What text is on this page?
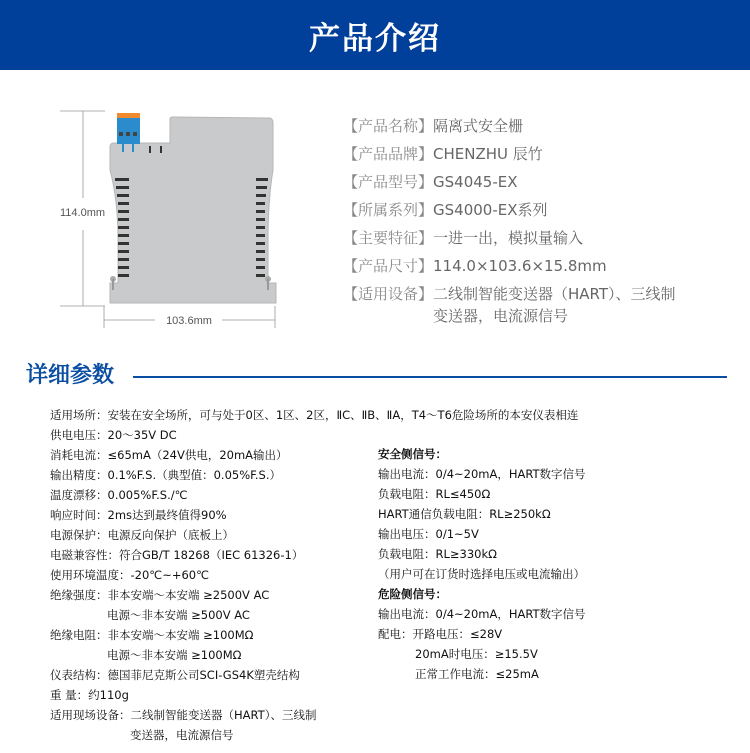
产品介绍
114.0mm
103.6mm
【产品名称】隔离式安全栅
【产品品牌】CHENZHU 辰竹
【产品型号】GS4045-EX
【所属系列】GS4000-EX系列
【主要特征】一进一出，模拟量输入
【产品尺寸】114.0×103.6×15.8mm
【适用设备】二线制智能变送器（HART）、三线制
变送器，电流源信号
详细参数
适用场所：安装在安全场所，可与处于0区、1区、2区，ⅡC、ⅡB、ⅡA，T4～T6危险场所的本安仪表相连
供电电压：20～35V DC
消耗电流：≤65mA（24V供电，20mA输出）
输出精度：0.1%F.S.（典型值：0.05%F.S.）
温度漂移：0.005%F.S./℃
响应时间：2ms达到最终值得90%
电源保护：电源反向保护（底板上）
电磁兼容性：符合GB/T 18268（IEC 61326-1）
使用环境温度：-20℃~+60℃
绝缘强度：非本安端～本安端 ≥2500V AC
电源～非本安端 ≥500V AC
绝缘电阻：非本安端～本安端 ≥100MΩ
电源～非本安端 ≥100MΩ
仪表结构：德国菲尼克斯公司SCI-GS4K塑壳结构
重 量：约110g
适用现场设备：二线制智能变送器（HART）、三线制
变送器，电流源信号
安全侧信号：
输出电流：0/4~20mA，HART数字信号
负载电阻：RL≤450Ω
HART通信负载电阻：RL≥250kΩ
输出电压：0/1~5V
负载电阻：RL≥330kΩ
（用户可在订货时选择电压或电流输出）
危险侧信号：
输出电流：0/4~20mA，HART数字信号
配电：开路电压：≤28V
20mA时电压：≥15.5V
正常工作电流：≤25mA
